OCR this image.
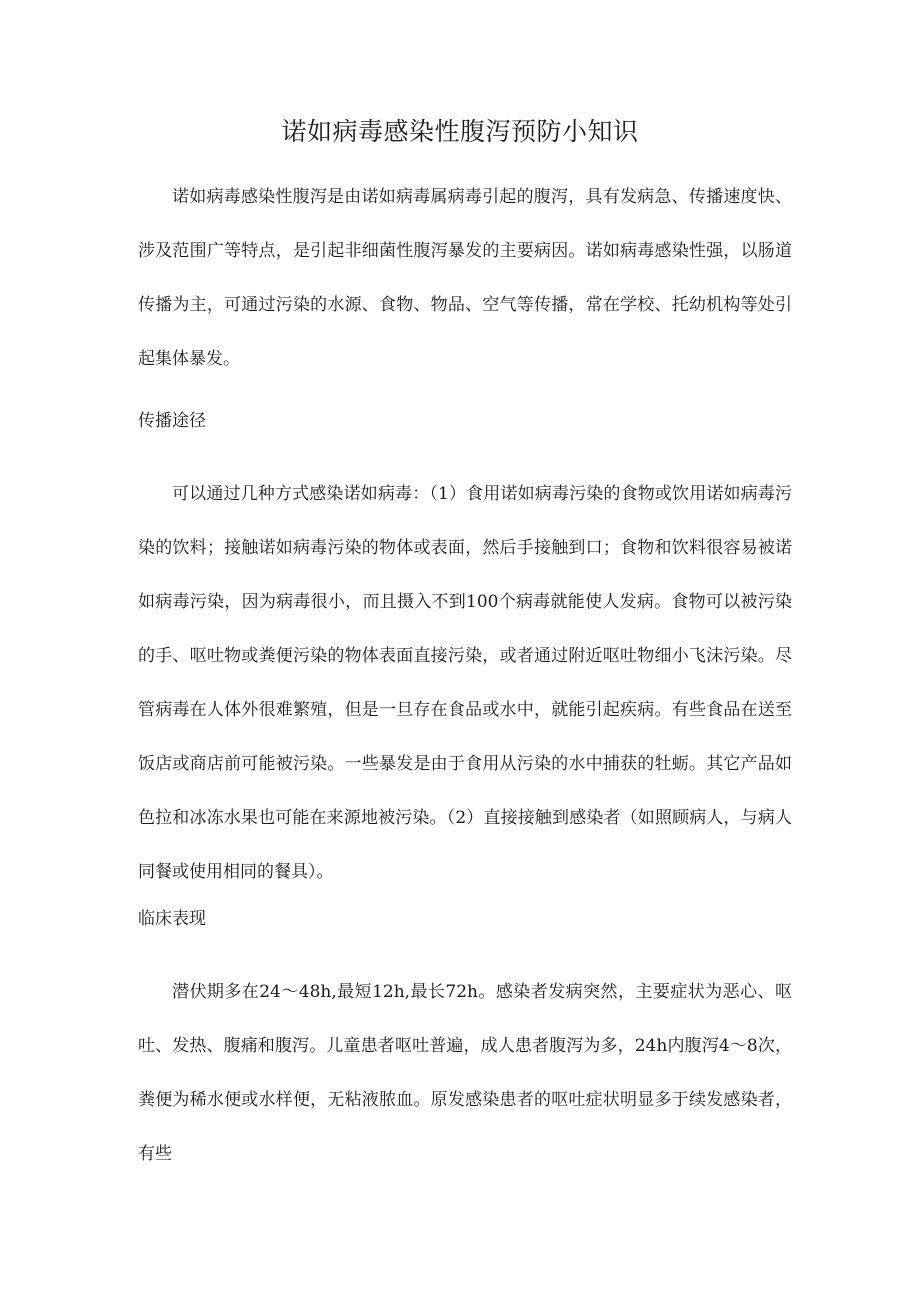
诺如病毒感染性腹泻预防小知识

诺如病毒感染性腹泻是由诺如病毒属病毒引起的腹泻，具有发病急、传播速度快、涉及范围广等特点，是引起非细菌性腹泻暴发的主要病因。诺如病毒感染性强，以肠道传播为主，可通过污染的水源、食物、物品、空气等传播，常在学校、托幼机构等处引起集体暴发。

传播途径

可以通过几种方式感染诺如病毒：（1）食用诺如病毒污染的食物或饮用诺如病毒污染的饮料；接触诺如病毒污染的物体或表面，然后手接触到口；食物和饮料很容易被诺如病毒污染，因为病毒很小，而且摄入不到100个病毒就能使人发病。食物可以被污染的手、呕吐物或粪便污染的物体表面直接污染，或者通过附近呕吐物细小飞沫污染。尽管病毒在人体外很难繁殖，但是一旦存在食品或水中，就能引起疾病。有些食品在送至饭店或商店前可能被污染。一些暴发是由于食用从污染的水中捕获的牡蛎。其它产品如色拉和冰冻水果也可能在来源地被污染。（2）直接接触到感染者（如照顾病人，与病人同餐或使用相同的餐具）。

临床表现

潜伏期多在24～48h,最短12h,最长72h。感染者发病突然，主要症状为恶心、呕吐、发热、腹痛和腹泻。儿童患者呕吐普遍，成人患者腹泻为多，24h内腹泻4～8次，粪便为稀水便或水样便，无粘液脓血。原发感染患者的呕吐症状明显多于续发感染者，有些
